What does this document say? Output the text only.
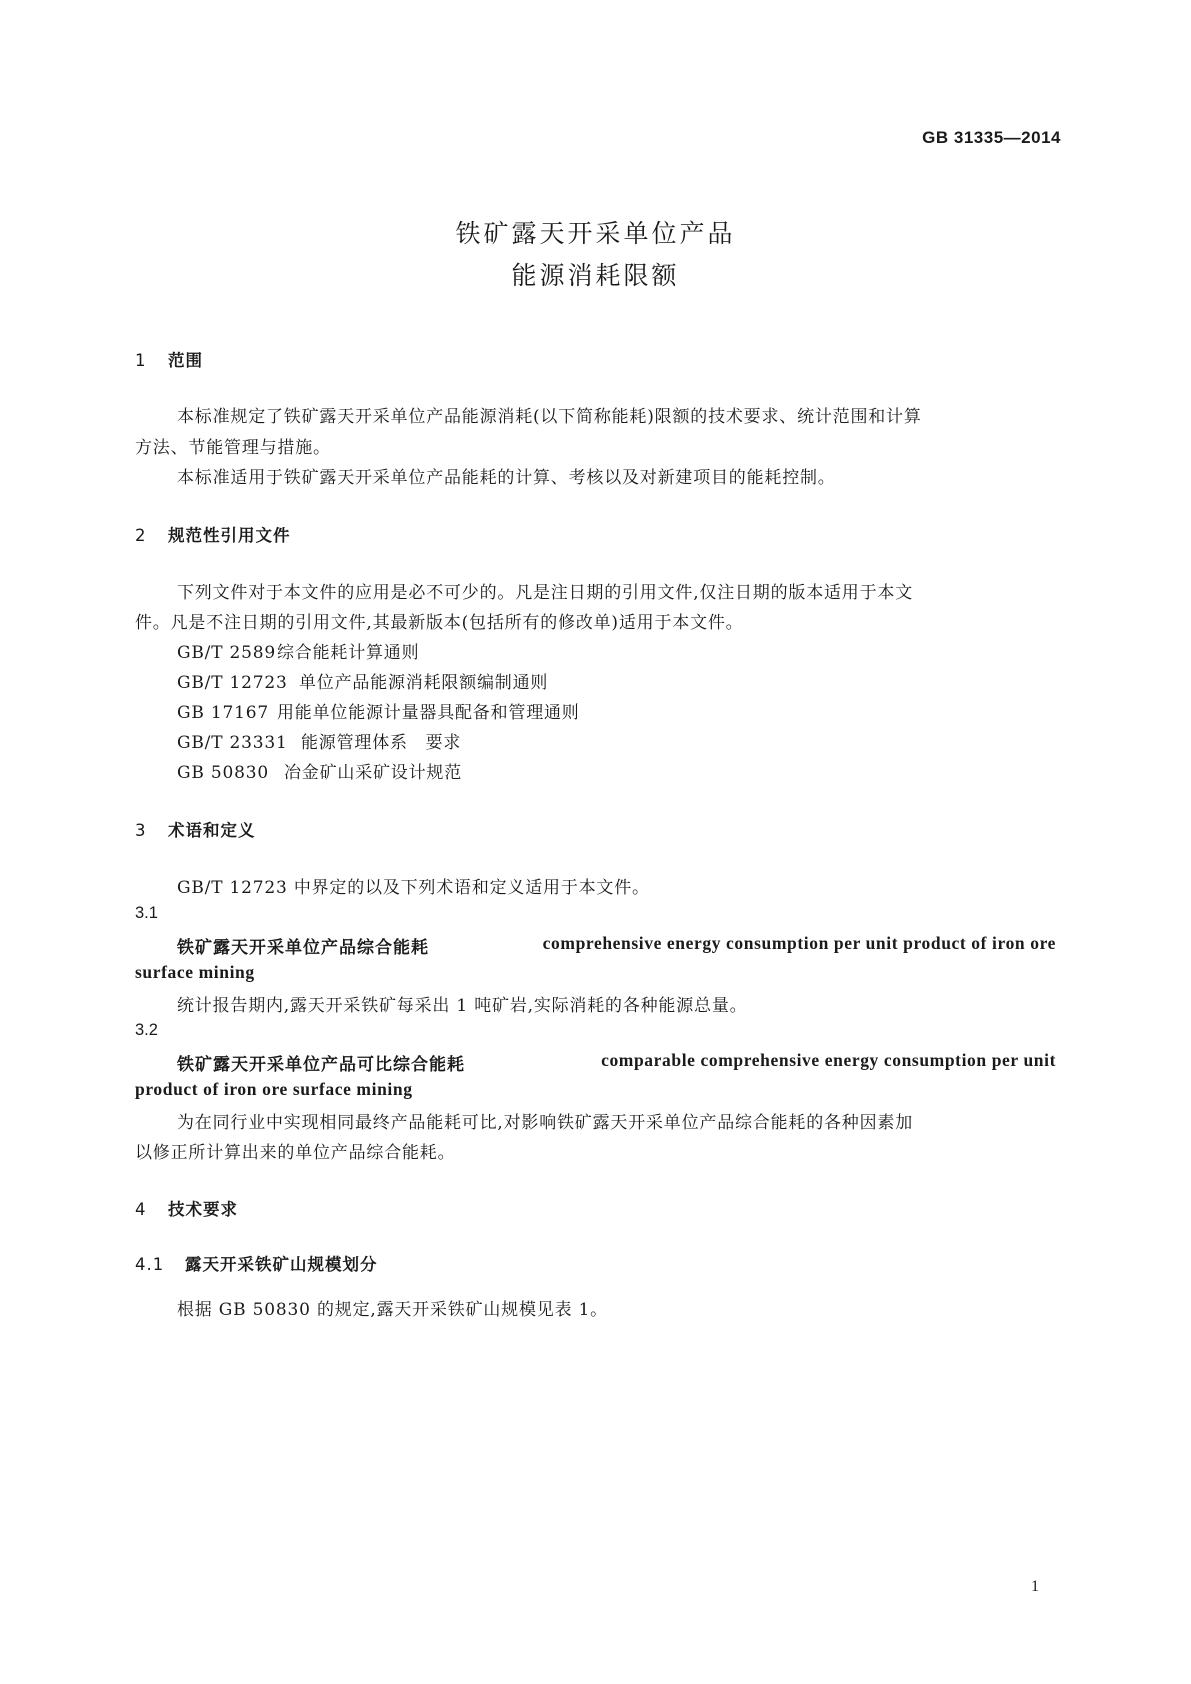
GB 31335—2014
铁矿露天开采单位产品
能源消耗限额
1 范围
本标准规定了铁矿露天开采单位产品能源消耗(以下简称能耗)限额的技术要求、统计范围和计算
方法、节能管理与措施。
本标准适用于铁矿露天开采单位产品能耗的计算、考核以及对新建项目的能耗控制。
2 规范性引用文件
下列文件对于本文件的应用是必不可少的。凡是注日期的引用文件,仅注日期的版本适用于本文
件。凡是不注日期的引用文件,其最新版本(包括所有的修改单)适用于本文件。
GB/T 2589综合能耗计算通则
GB/T 12723 单位产品能源消耗限额编制通则
GB 17167 用能单位能源计量器具配备和管理通则
GB/T 23331 能源管理体系　要求
GB 50830 冶金矿山采矿设计规范
3 术语和定义
GB/T 12723 中界定的以及下列术语和定义适用于本文件。
3.1
铁矿露天开采单位产品综合能耗	comprehensive energy consumption per unit product of iron ore
surface mining
统计报告期内,露天开采铁矿每采出 1 吨矿岩,实际消耗的各种能源总量。
3.2
铁矿露天开采单位产品可比综合能耗	comparable comprehensive energy consumption per unit
product of iron ore surface mining
为在同行业中实现相同最终产品能耗可比,对影响铁矿露天开采单位产品综合能耗的各种因素加
以修正所计算出来的单位产品综合能耗。
4 技术要求
4.1 露天开采铁矿山规模划分
根据 GB 50830 的规定,露天开采铁矿山规模见表 1。
1
